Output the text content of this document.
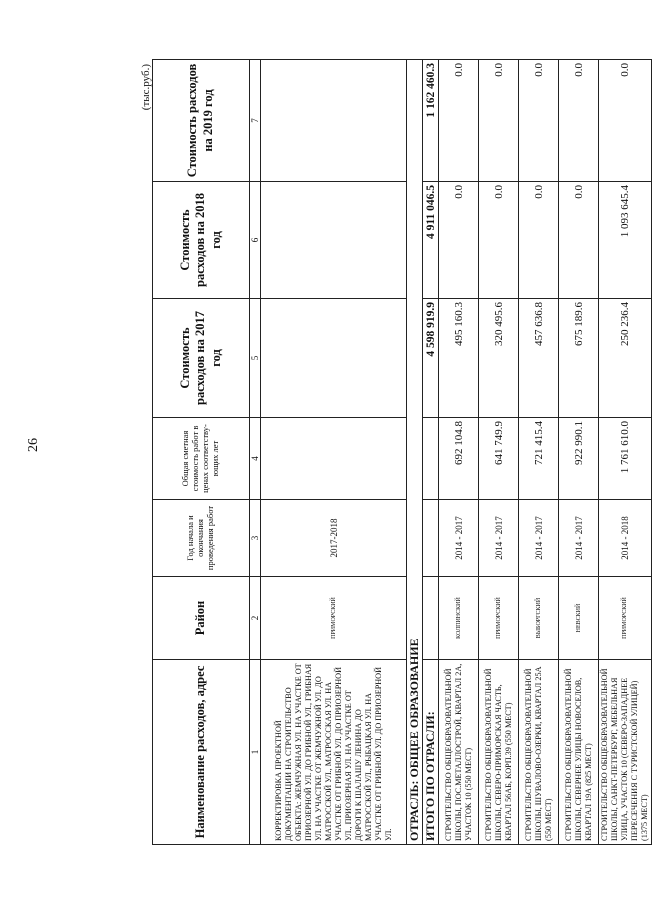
26
(тыс.руб.)
Наименование расходов, адрес	Район	Год начала и окончания проведения работ	Общая сметная стоимость работ в ценах соответству-ющих лет	Стоимость расходов на 2017 год	Стоимость расходов на 2018 год	Стоимость расходов на 2019 год
1	2	3	4	5	6	7
КОРРЕКТИРОВКА ПРОЕКТНОЙ ДОКУМЕНТАЦИИ НА СТРОИТЕЛЬСТВО ОБЪЕКТА: ЖЕМЧУЖНАЯ УЛ. НА УЧАСТКЕ ОТ ПРИОЗЕРНОЙ УЛ. ДО ГРИБНОЙ УЛ., ГРИБНАЯ УЛ. НА УЧАСТКЕ ОТ ЖЕМЧУЖНОЙ УЛ. ДО МАТРОССКОЙ УЛ., МАТРОССКАЯ УЛ. НА УЧАСТКЕ ОТ ГРИБНОЙ УЛ. ДО ПРИОЗЕРНОЙ УЛ., ПРИОЗЕРНАЯ УЛ. НА УЧАСТКЕ ОТ ДОРОГИ К ШАЛАШУ ЛЕНИНА ДО МАТРОССКОЙ УЛ., РЫБАЦКАЯ УЛ. НА УЧАСТКЕ ОТ ГРИБНОЙ УЛ. ДО ПРИОЗЕРНОЙ УЛ.	ПРИМОРСКИЙ	2017-2018				
ОТРАСЛЬ: ОБЩЕЕ ОБРАЗОВАНИЕ						
ИТОГО ПО ОТРАСЛИ:				4 598 919.9	4 911 046.5	1 162 460.3
СТРОИТЕЛЬСТВО ОБЩЕОБРАЗОВАТЕЛЬНОЙ ШКОЛЫ, ПОС.МЕТАЛЛОСТРОЙ, КВАРТАЛ 2А, УЧАСТОК 10 (550 МЕСТ)	КОЛПИНСКИЙ	2014 - 2017	692 104.8	495 160.3	0.0	0.0
СТРОИТЕЛЬСТВО ОБЩЕОБРАЗОВАТЕЛЬНОЙ ШКОЛЫ, СЕВЕРО-ПРИМОРСКАЯ ЧАСТЬ, КВАРТАЛ 56АБ, КОРП.39 (550 МЕСТ)	ПРИМОРСКИЙ	2014 - 2017	641 749.9	320 495.6	0.0	0.0
СТРОИТЕЛЬСТВО ОБЩЕОБРАЗОВАТЕЛЬНОЙ ШКОЛЫ, ШУВАЛОВО-ОЗЕРКИ, КВАРТАЛ 25А (550 МЕСТ)	ВЫБОРГСКИЙ	2014 - 2017	721 415.4	457 636.8	0.0	0.0
СТРОИТЕЛЬСТВО ОБЩЕОБРАЗОВАТЕЛЬНОЙ ШКОЛЫ, СЕВЕРНЕЕ УЛИЦЫ НОВОСЕЛОВ, КВАРТАЛ 19А (825 МЕСТ)	НЕВСКИЙ	2014 - 2017	922 990.1	675 189.6	0.0	0.0
СТРОИТЕЛЬСТВО ОБЩЕОБРАЗОВАТЕЛЬНОЙ ШКОЛЫ, САНКТ-ПЕТЕРБУРГ, МЕБЕЛЬНАЯ УЛИЦА, УЧАСТОК 10 (СЕВЕРО-ЗАПАДНЕЕ ПЕРЕСЕЧЕНИЯ С ТУРИСТСКОЙ УЛИЦЕЙ) (1375 МЕСТ)	ПРИМОРСКИЙ	2014 - 2018	1 761 610.0	250 236.4	1 093 645.4	0.0
